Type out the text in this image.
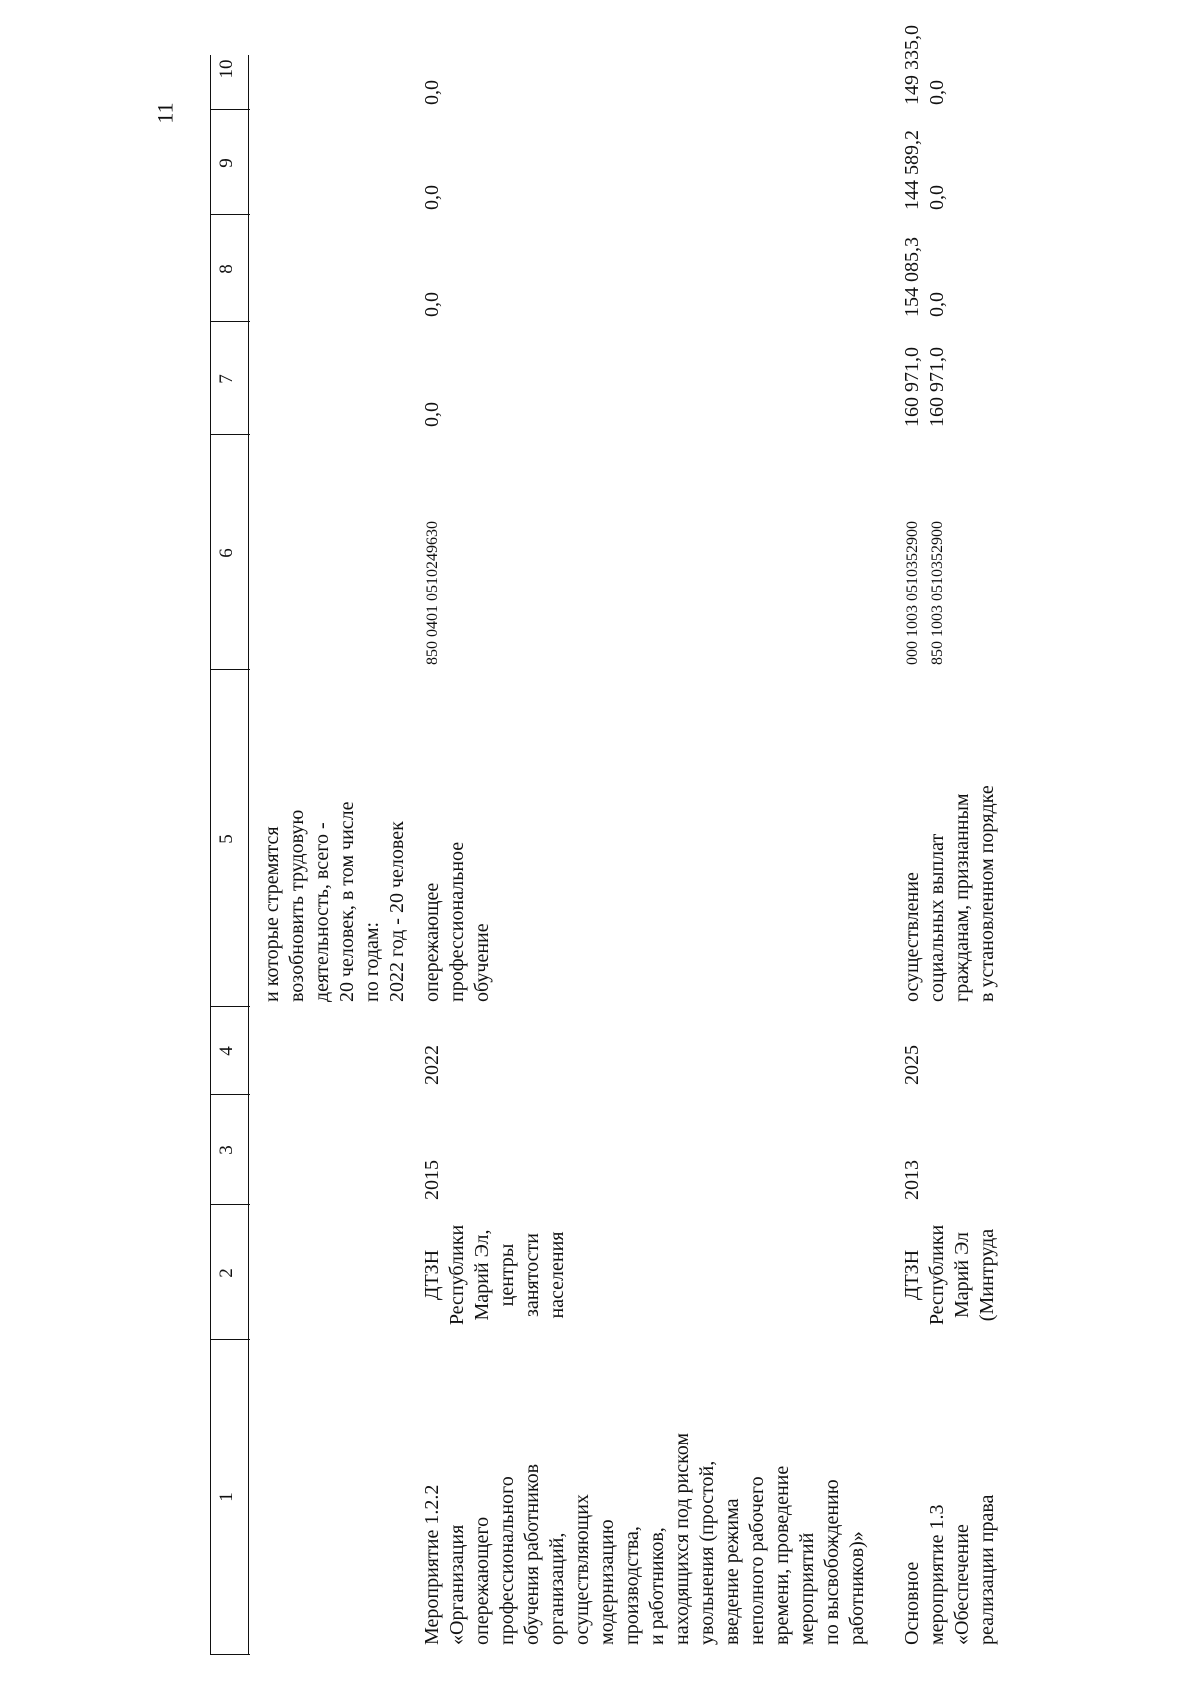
11
1
2
3
4
5
6
7
8
9
10
и которые стремятся
возобновить трудовую
деятельность, всего -
20 человек, в том числе
по годам:
2022 год - 20 человек
Мероприятие 1.2.2
«Организация
опережающего
профессионального
обучения работников
организаций,
осуществляющих
модернизацию
производства,
и работников,
находящихся под риском
увольнения (простой,
введение режима
неполного рабочего
времени, проведение
мероприятий
по высвобождению
работников)»
ДТЗН
Республики
Марий Эл,
центры
занятости
населения
2015
2022
опережающее
профессиональное
обучение
850 0401 0510249630
0,0
0,0
0,0
0,0
Основное
мероприятие 1.3
«Обеспечение
реализации права
ДТЗН
Республики
Марий Эл
(Минтруда
2013
2025
осуществление
социальных выплат
гражданам, признанным
в установленном порядке
000 1003 0510352900
850 1003 0510352900
160 971,0
160 971,0
154 085,3
0,0
144 589,2
0,0
149 335,0
0,0
